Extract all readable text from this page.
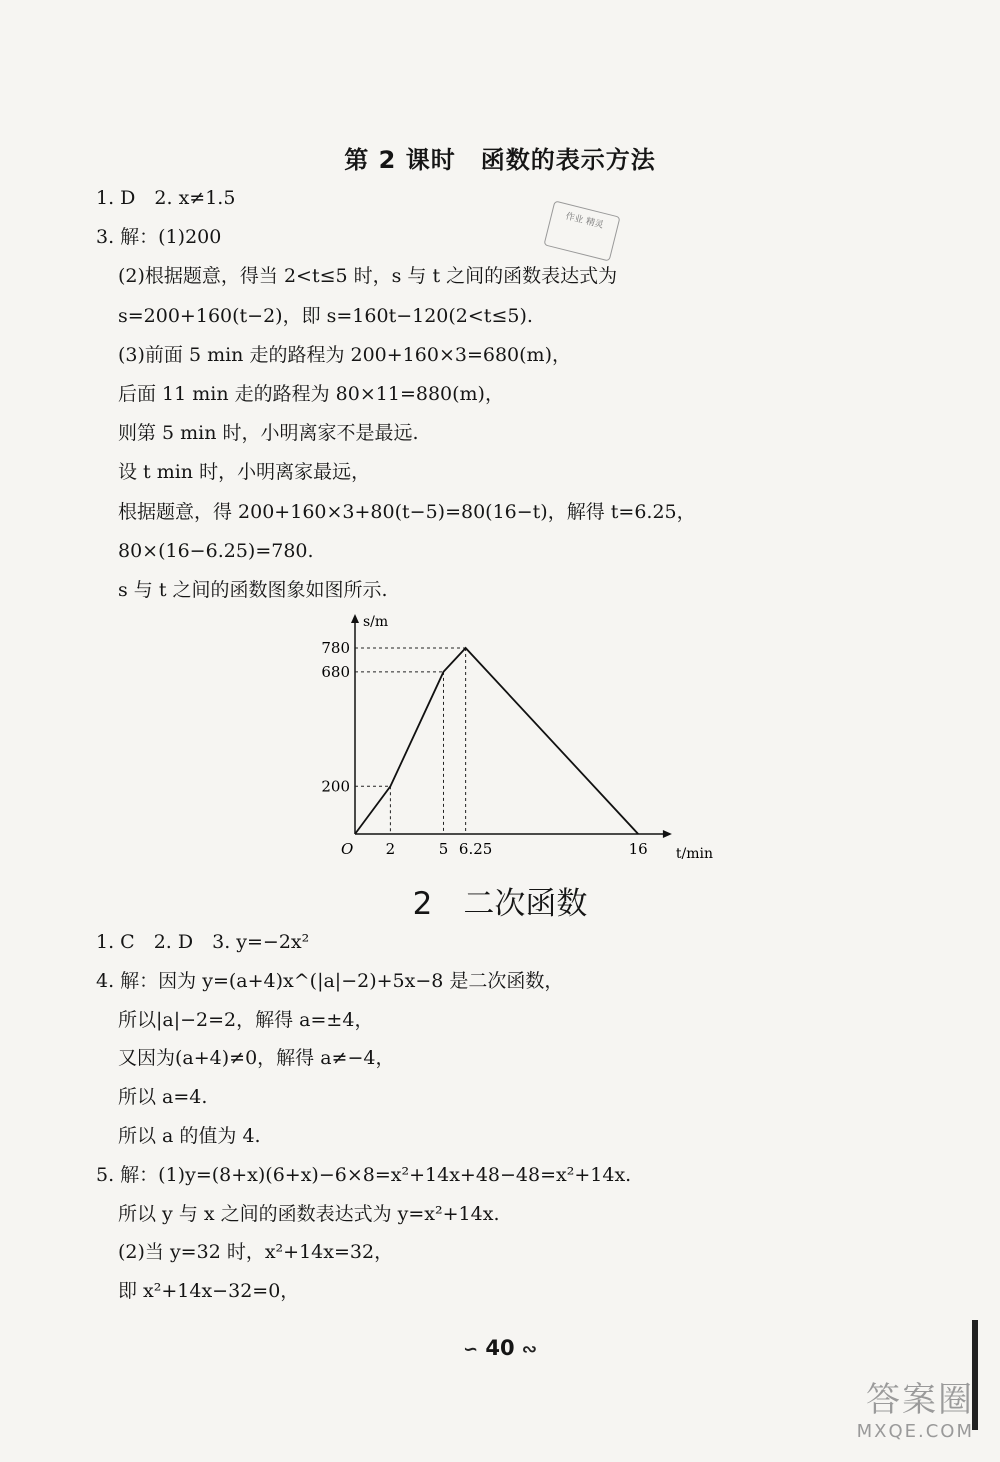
第 2 课时　函数的表示方法
作业 精灵
1. D　2. x≠1.5
3. 解：(1)200
(2)根据题意，得当 2<t≤5 时，s 与 t 之间的函数表达式为
s=200+160(t−2)，即 s=160t−120(2<t≤5).
(3)前面 5 min 走的路程为 200+160×3=680(m)，
后面 11 min 走的路程为 80×11=880(m)，
则第 5 min 时，小明离家不是最远.
设 t min 时，小明离家最远，
根据题意，得 200+160×3+80(t−5)=80(16−t)，解得 t=6.25，
80×(16−6.25)=780.
s 与 t 之间的函数图象如图所示.
2	5 6.25	16
200
680
780
O	t/min
s/m
2　二次函数
1. C　2. D　3. y=−2x²
4. 解：因为 y=(a+4)x^(|a|−2)+5x−8 是二次函数，
所以|a|−2=2，解得 a=±4，
又因为(a+4)≠0，解得 a≠−4，
所以 a=4.
所以 a 的值为 4.
5. 解：(1)y=(8+x)(6+x)−6×8=x²+14x+48−48=x²+14x.
所以 y 与 x 之间的函数表达式为 y=x²+14x.
(2)当 y=32 时，x²+14x=32，
即 x²+14x−32=0，
∽ 40 ∾
答案圈
MXQE.COM
